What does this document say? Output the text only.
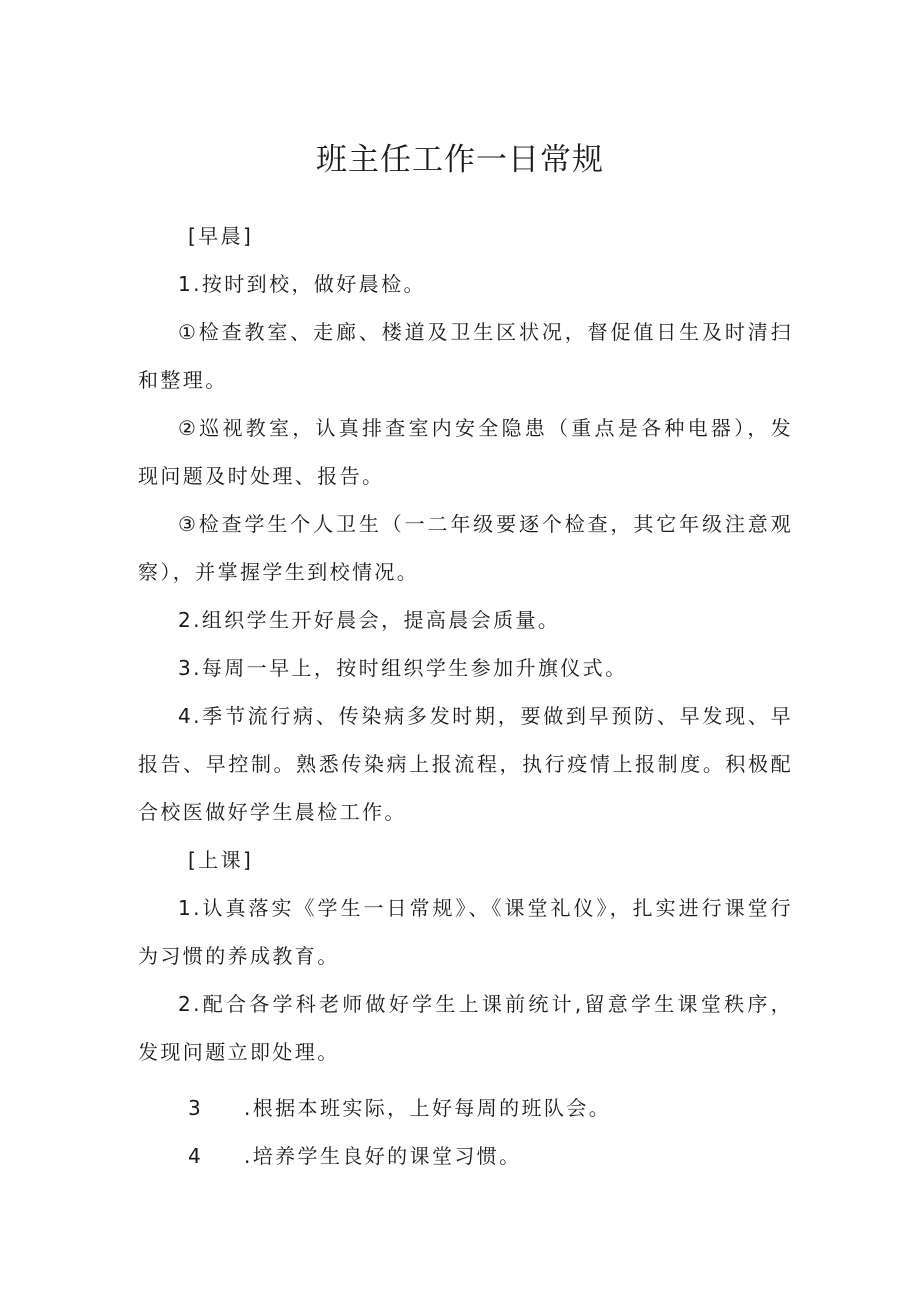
班主任工作一日常规

[早晨]

1.按时到校，做好晨检。

①检查教室、走廊、楼道及卫生区状况，督促值日生及时清扫和整理。

②巡视教室，认真排查室内安全隐患（重点是各种电器），发现问题及时处理、报告。

③检查学生个人卫生（一二年级要逐个检查，其它年级注意观察），并掌握学生到校情况。

2.组织学生开好晨会，提高晨会质量。

3.每周一早上，按时组织学生参加升旗仪式。

4.季节流行病、传染病多发时期，要做到早预防、早发现、早报告、早控制。熟悉传染病上报流程，执行疫情上报制度。积极配合校医做好学生晨检工作。

[上课]

1.认真落实《学生一日常规》、《课堂礼仪》，扎实进行课堂行为习惯的养成教育。

2.配合各学科老师做好学生上课前统计,留意学生课堂秩序，发现问题立即处理。

3 .根据本班实际，上好每周的班队会。

4 .培养学生良好的课堂习惯。
